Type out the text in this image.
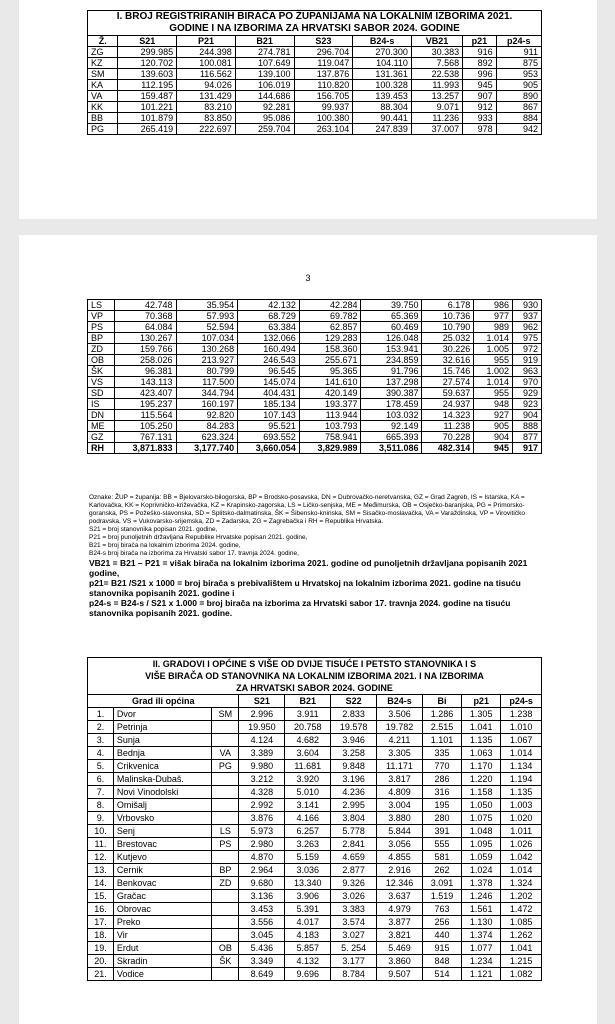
I. BROJ REGISTRIRANIH BIRAČA PO ŽUPANIJAMA NA LOKALNIM IZBORIMA 2021.
GODINE I NA IZBORIMA ZA HRVATSKI SABOR 2024. GODINE								

Ž.	S21	P21	B21	S23	B24-s	VB21	p21	p24-s
ZG	299.985	244.398	274.781	296.704	270.300	30.383	916	911
KZ	120.702	100.081	107.649	119.047	104.110	7.568	892	875
SM	139.603	116.562	139.100	137.876	131.361	22.538	996	953
KA	112.195	94.026	106.019	110.820	100.328	11.993	945	905
VA	159.487	131.429	144.686	156.705	139.453	13.257	907	890
KK	101.221	83.210	92.281	99.937	88.304	9.071	912	867
BB	101.879	83.850	95.086	100.380	90.441	11.236	933	884
PG	265.419	222.697	259.704	263.104	247.839	37.007	978	942
3
LS	42.748	35.954	42.132	42.284	39.750	6.178	986	930
VP	70.368	57.993	68.729	69.782	65.369	10.736	977	937
PS	64.084	52.594	63.384	62.857	60.469	10.790	989	962
BP	130.267	107.034	132.066	129.283	126.048	25.032	1.014	975
ZD	159.766	130.268	160.494	158.360	153.941	30.226	1.005	972
OB	258.026	213.927	246.543	255.671	234.859	32.616	955	919
ŠK	96.381	80.799	96.545	95.365	91.796	15.746	1.002	963
VS	143.113	117.500	145.074	141.610	137.298	27.574	1.014	970
SD	423.407	344.794	404.431	420.149	390.387	59.637	955	929
IS	195.237	160.197	185.134	193.377	178.459	24.937	948	923
DN	115.564	92.820	107.143	113.944	103.032	14.323	927	904
ME	105.250	84.283	95.521	103.793	92.149	11.238	905	888
GZ	767.131	623.324	693.552	758.941	665.393	70.228	904	877
RH	3,871.833	3,177.740	3,660.054	3,829.989	3,511.086	482.314	945	917
Oznake: ŽUP = županija: BB = Bjelovarsko-bilogorska, BP = Brodsko-posavska, DN = Dubrovačko-neretvanska, GZ = Grad Zagreb, IS = Istarska, KA = Karlovačka, KK = Koprivničko-križevačka, KZ = Krapinsko-zagorska, LS = Ličko-senjska, ME = Međimurska, OB = Osječko-baranjska, PG = Primorsko-goranska, PS = Požeško-slavonska, SD = Splitsko-dalmatinska, ŠK = Šibensko-kninska, SM = Sisačko-moslavačka, VA = Varaždinska, VP = Virovitičko podravska, VS = Vukovarsko-srijemska, ZD = Zadarska, ZG = Zagrebačka i RH = Republika Hrvatska.
S21 = broj stanovnika popisan 2021. godine,
P21 = broj punoljetnih državljana Republike Hrvatske popisan 2021. godine,
B21 = broj birača na lokalnim izborima 2024. godine,
B24-s broj birača na izborima za Hrvatski sabor 17. travnja 2024. godine,
VB21 = B21 – P21 = višak birača na lokalnim izborima 2021. godine od punoljetnih državljana popisanih 2021 godine,
p21= B21 /S21 x 1000 = broj birača s prebivalištem u Hrvatskoj na lokalnim izborima 2021. godine na tisuću stanovnika popisanih 2021. godine i
p24-s = B24-s / S21 x 1.000 = broj birača na izborima za Hrvatski sabor 17. travnja 2024. godine na tisuću stanovnika popisanih 2021. godine.
II. GRADOVI I OPĆINE S VIŠE OD DVIJE TISUĆE I PETSTO STANOVNIKA I S
VIŠE BIRAČA OD STANOVNIKA NA LOKALNIM IZBORIMA 2021. I NA IZBORIMA
ZA HRVATSKI SABOR 2024. GODINE									

Grad ili općina			S21	B21	S22	B24-s	Bi	p21	p24-s
1.	Dvor	SM	2.996	3.911	2.833	3.506	1.286	1.305	1.238
2.	Petrinja		19.950	20.758	19.578	19.782	2.515	1.041	1.010
3.	Sunja		4.124	4.682	3.946	4.211	1.101	1.135	1.067
4.	Bednja	VA	3.389	3.604	3.258	3.305	335	1.063	1.014
5.	Crikvenica	PG	9.980	11.681	9.848	11.171	770	1.170	1.134
6.	Malinska-Dubaš.		3.212	3.920	3.196	3.817	286	1.220	1.194
7.	Novi Vinodolski		4.328	5.010	4.236	4.809	316	1.158	1.135
8.	Omišalj		2.992	3.141	2.995	3.004	195	1.050	1.003
9.	Vrbovsko		3.876	4.166	3.804	3.880	280	1.075	1.020
10.	Senj	LS	5.973	6.257	5.778	5.844	391	1.048	1.011
11.	Brestovac	PS	2.980	3.263	2.841	3.056	555	1.095	1.026
12.	Kutjevo		4.870	5.159	4.659	4.855	581	1.059	1.042
13.	Cernik	BP	2.964	3.036	2.877	2.916	262	1.024	1.014
14.	Benkovac	ZD	9.680	13.340	9.326	12.346	3.091	1.378	1.324
15.	Gračac		3.136	3.906	3.026	3.637	1.519	1.246	1.202
16.	Obrovac		3.453	5.391	3.383	4.979	763	1.561	1.472
17.	Preko		3.556	4.017	3.574	3.877	256	1.130	1.085
18.	Vir		3.045	4.183	3.027	3.821	440	1.374	1.262
19.	Erdut	OB	5.436	5.857	5. 254	5.469	915	1.077	1.041
20.	Skradin	ŠK	3.349	4.132	3.177	3.860	848	1.234	1.215
21.	Vodice		8.649	9.696	8.784	9.507	514	1.121	1.082
